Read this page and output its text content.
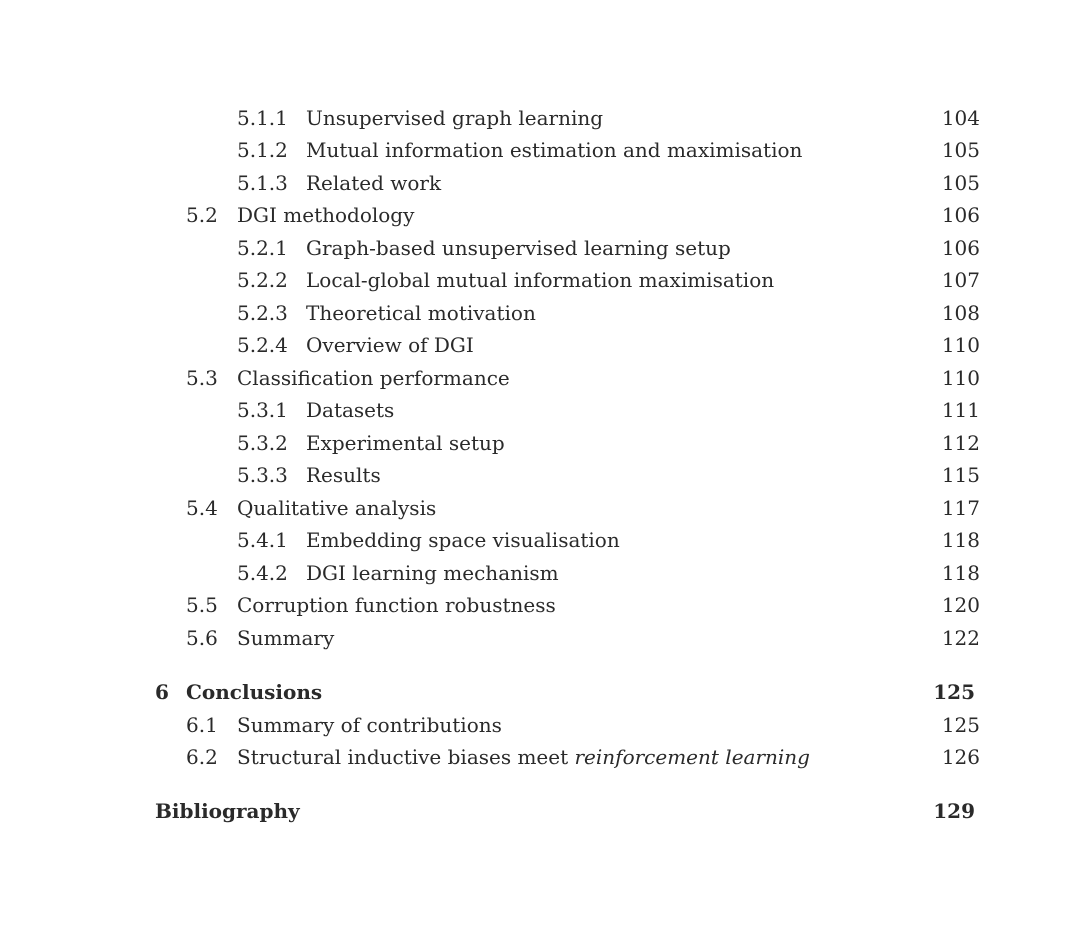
5.1.1 Unsupervised graph learning	104
5.1.2 Mutual information estimation and maximisation	105
5.1.3 Related work	105
5.2 DGI methodology	106
5.2.1 Graph-based unsupervised learning setup	106
5.2.2 Local-global mutual information maximisation	107
5.2.3 Theoretical motivation	108
5.2.4 Overview of DGI	110
5.3 Classification performance	110
5.3.1 Datasets	111
5.3.2 Experimental setup	112
5.3.3 Results	115
5.4 Qualitative analysis	117
5.4.1 Embedding space visualisation	118
5.4.2 DGI learning mechanism	118
5.5 Corruption function robustness	120
5.6 Summary	122
6 Conclusions	125
6.1 Summary of contributions	125
6.2 Structural inductive biases meet reinforcement learning	126
Bibliography	129
